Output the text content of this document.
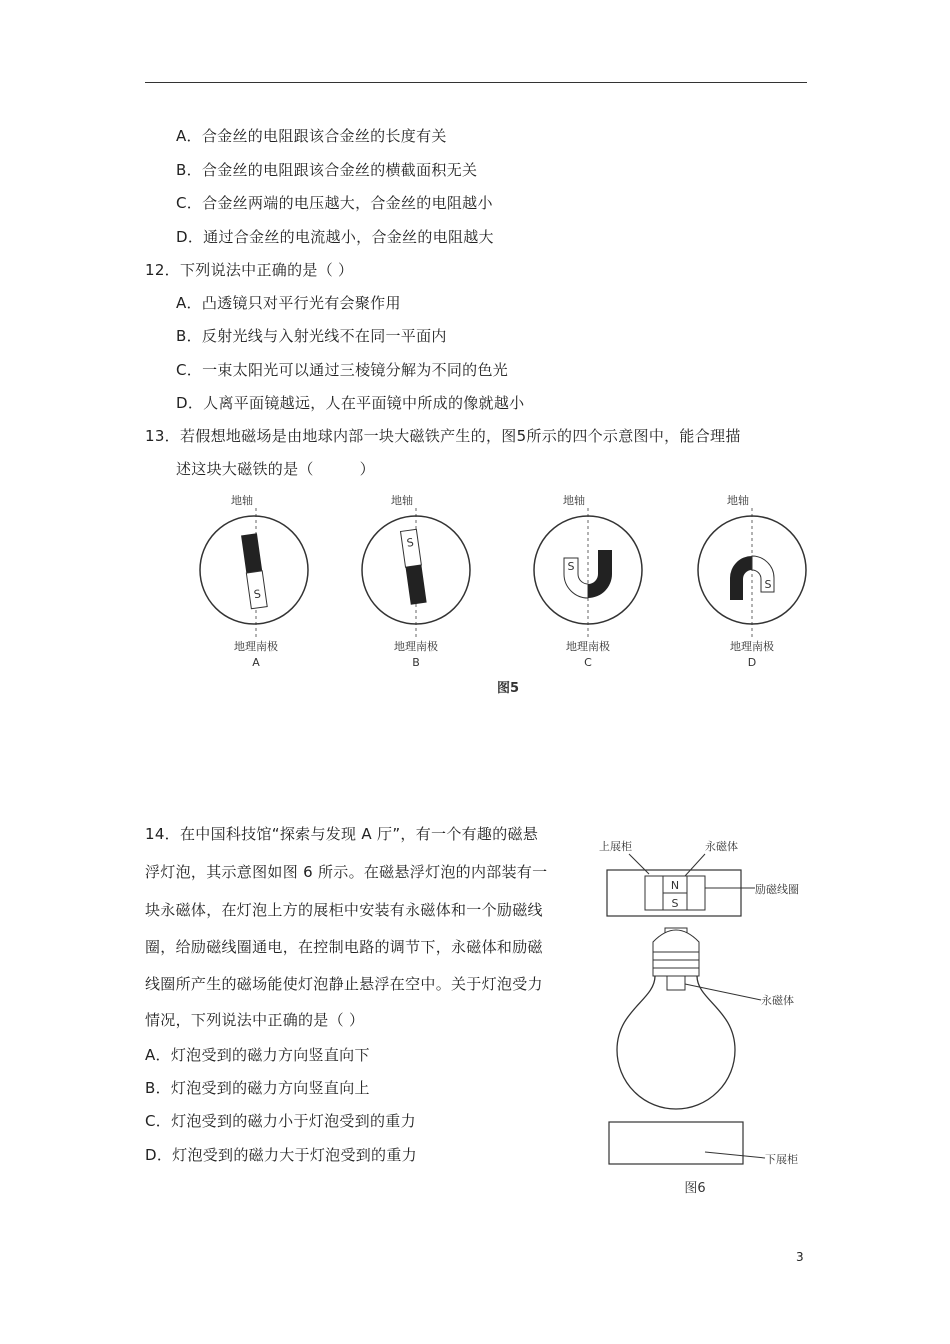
A．合金丝的电阻跟该合金丝的长度有关
B．合金丝的电阻跟该合金丝的横截面积无关
C．合金丝两端的电压越大，合金丝的电阻越小
D．通过合金丝的电流越小，合金丝的电阻越大
12．下列说法中正确的是（ ）
A．凸透镜只对平行光有会聚作用
B．反射光线与入射光线不在同一平面内
C．一束太阳光可以通过三棱镜分解为不同的色光
D．人离平面镜越远，人在平面镜中所成的像就越小
13．若假想地磁场是由地球内部一块大磁铁产生的，图5所示的四个示意图中，能合理描
述这块大磁铁的是（　　　）
地轴
S
地理南极
A
地轴
S
地理南极
B
地轴
S
地理南极
C
地轴
S
地理南极
D
图5
14．在中国科技馆“探索与发现 A 厅”，有一个有趣的磁悬
浮灯泡，其示意图如图 6 所示。在磁悬浮灯泡的内部装有一
块永磁体，在灯泡上方的展柜中安装有永磁体和一个励磁线
圈，给励磁线圈通电，在控制电路的调节下，永磁体和励磁
线圈所产生的磁场能使灯泡静止悬浮在空中。关于灯泡受力
情况，下列说法中正确的是（ ）
A．灯泡受到的磁力方向竖直向下
B．灯泡受到的磁力方向竖直向上
C．灯泡受到的磁力小于灯泡受到的重力
D．灯泡受到的磁力大于灯泡受到的重力
上展柜	永磁体
N
S
励磁线圈
永磁体
下展柜
图6
3
